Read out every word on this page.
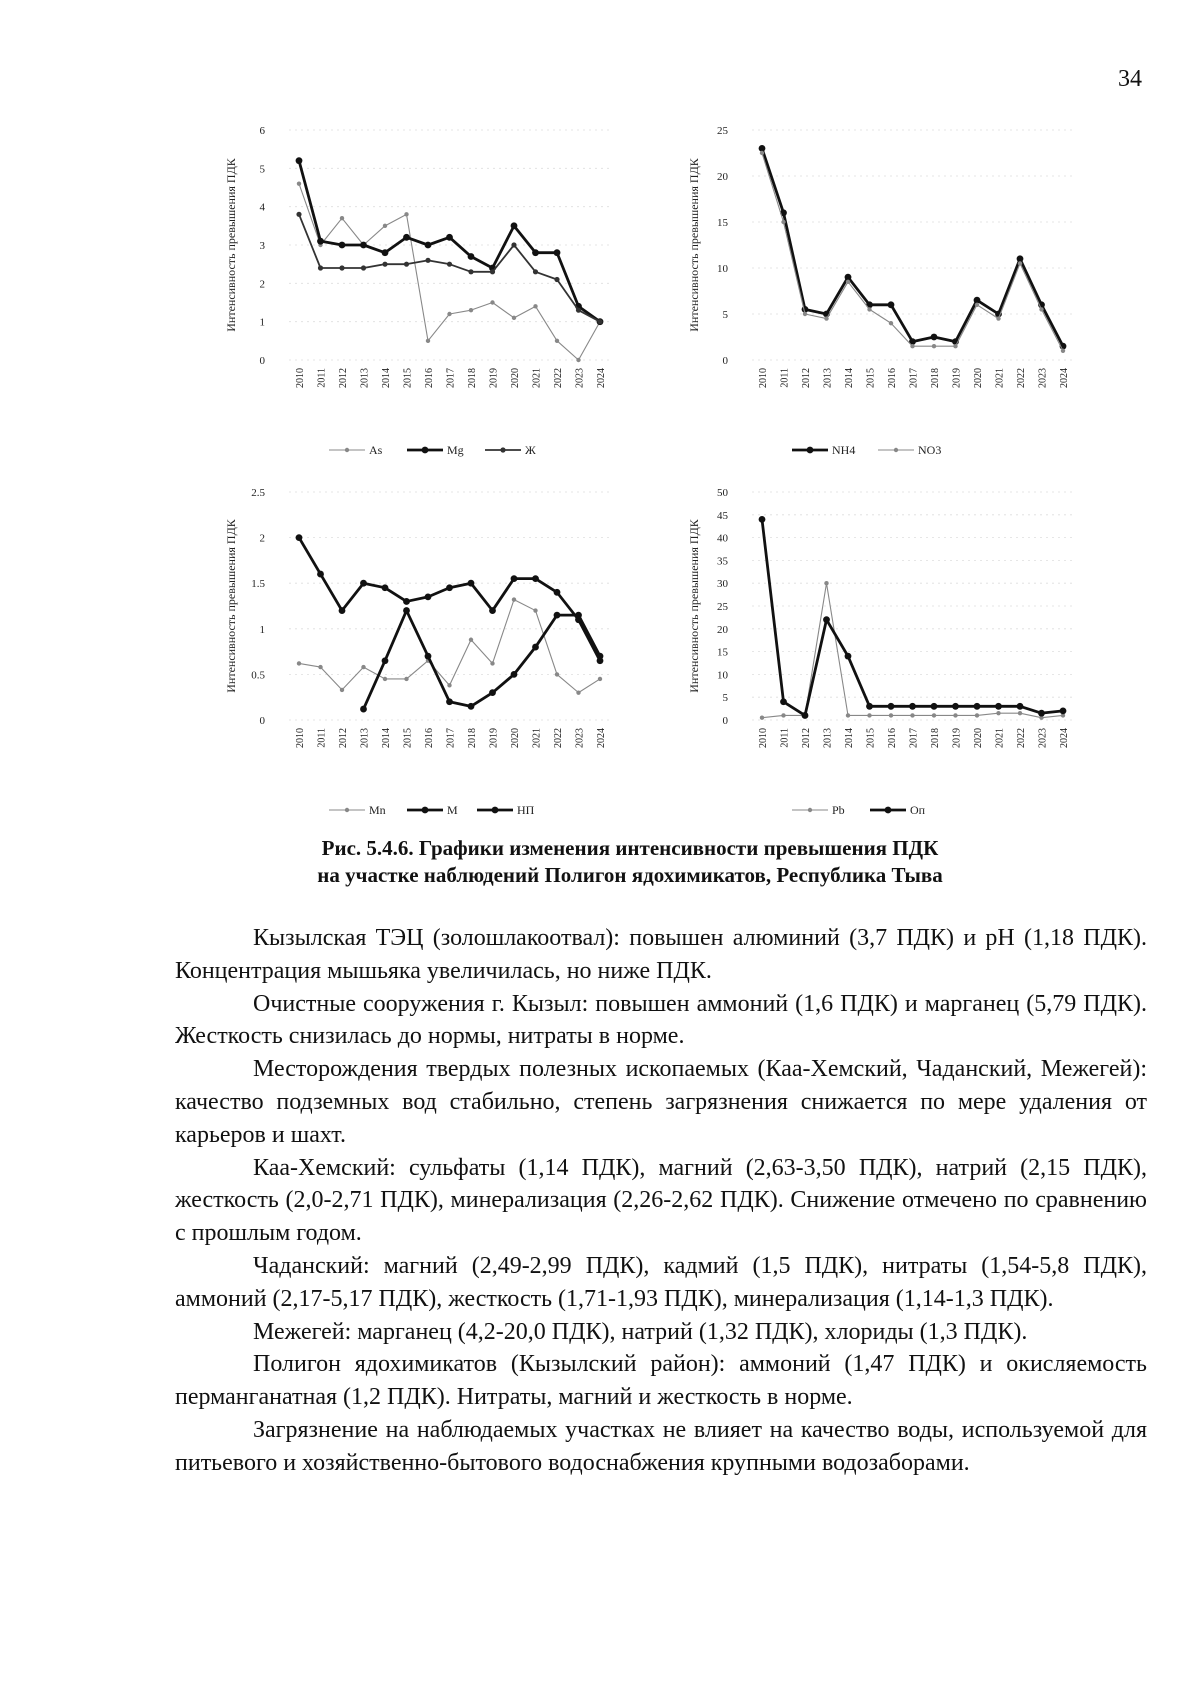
34
Интенсивность превышения ПДК
0
1
2
3
4
5
6
2010 2011 2012 2013 2014 2015 2016 2017 2018 2019 2020 2021 2022 2023 2024
As	Mg	Ж
Интенсивность превышения ПДК
0
5
10
15
20
25
2010 2011 2012 2013 2014 2015 2016 2017 2018 2019 2020 2021 2022 2023 2024
NH4	NO3
Интенсивность превышения ПДК
0
0.5
1
1.5
2
2.5
2010 2011 2012 2013 2014 2015 2016 2017 2018 2019 2020 2021 2022 2023 2024
Mn	M	НП
Интенсивность превышения ПДК
0
5
10
15
20
25
30
35
40
45
50
2010 2011 2012 2013 2014 2015 2016 2017 2018 2019 2020 2021 2022 2023 2024
Pb	Оп
Рис. 5.4.6. Графики изменения интенсивности превышения ПДК
на участке наблюдений Полигон ядохимикатов, Республика Тыва

Кызылская ТЭЦ (золошлакоотвал): повышен алюминий (3,7 ПДК) и pH (1,18 ПДК). Концентрация мышьяка увеличилась, но ниже ПДК.

Очистные сооружения г. Кызыл: повышен аммоний (1,6 ПДК) и марганец (5,79 ПДК). Жесткость снизилась до нормы, нитраты в норме.

Месторождения твердых полезных ископаемых (Каа-Хемский, Чаданский, Межегей): качество подземных вод стабильно, степень загрязнения снижается по мере удаления от карьеров и шахт.

Каа-Хемский: сульфаты (1,14 ПДК), магний (2,63-3,50 ПДК), натрий (2,15 ПДК), жесткость (2,0-2,71 ПДК), минерализация (2,26-2,62 ПДК). Снижение отмечено по сравнению с прошлым годом.

Чаданский: магний (2,49-2,99 ПДК), кадмий (1,5 ПДК), нитраты (1,54-5,8 ПДК), аммоний (2,17-5,17 ПДК), жесткость (1,71-1,93 ПДК), минерализация (1,14-1,3 ПДК).

Межегей: марганец (4,2-20,0 ПДК), натрий (1,32 ПДК), хлориды (1,3 ПДК).

Полигон ядохимикатов (Кызылский район): аммоний (1,47 ПДК) и окисляемость перманганатная (1,2 ПДК). Нитраты, магний и жесткость в норме.

Загрязнение на наблюдаемых участках не влияет на качество воды, используемой для питьевого и хозяйственно-бытового водоснабжения крупными водозаборами.
